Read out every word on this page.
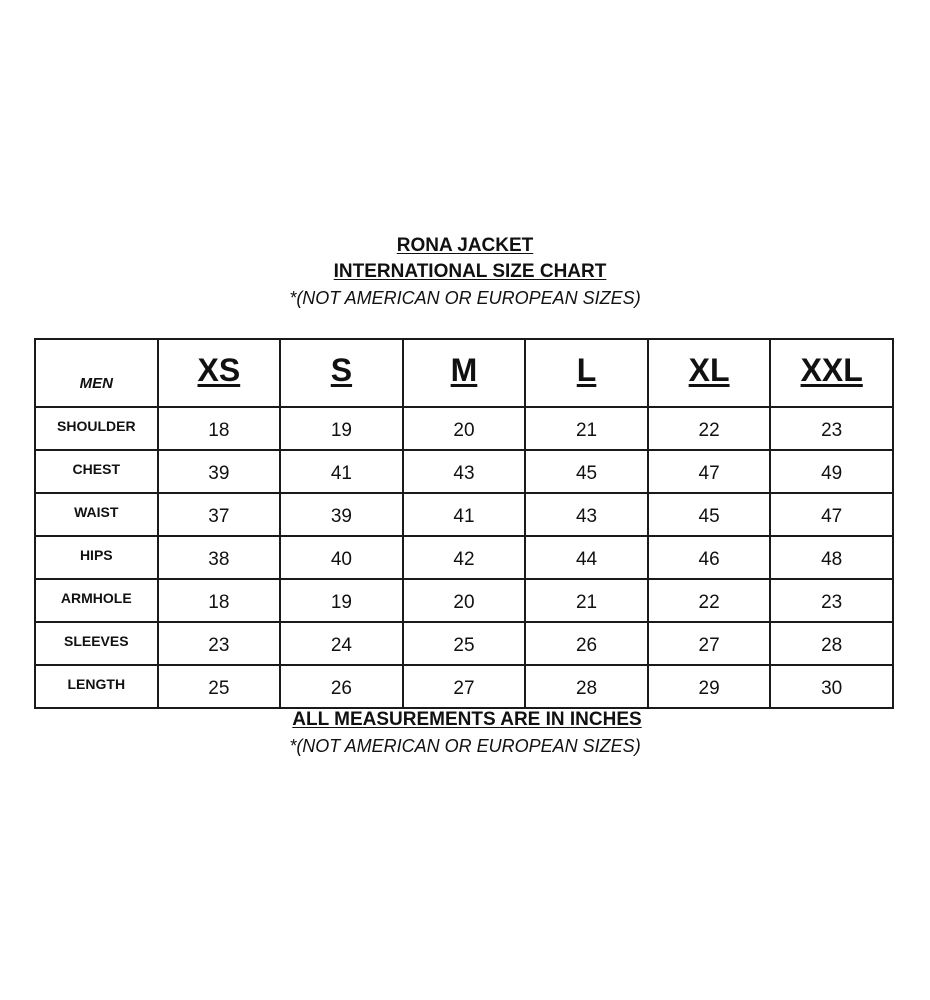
RONA JACKET

INTERNATIONAL SIZE CHART

*(NOT AMERICAN OR EUROPEAN SIZES)

MEN	XS	S	M	L	XL	XXL
SHOULDER	18	19	20	21	22	23
CHEST	39	41	43	45	47	49
WAIST	37	39	41	43	45	47
HIPS	38	40	42	44	46	48
ARMHOLE	18	19	20	21	22	23
SLEEVES	23	24	25	26	27	28
LENGTH	25	26	27	28	29	30

ALL MEASUREMENTS ARE IN INCHES

*(NOT AMERICAN OR EUROPEAN SIZES)
